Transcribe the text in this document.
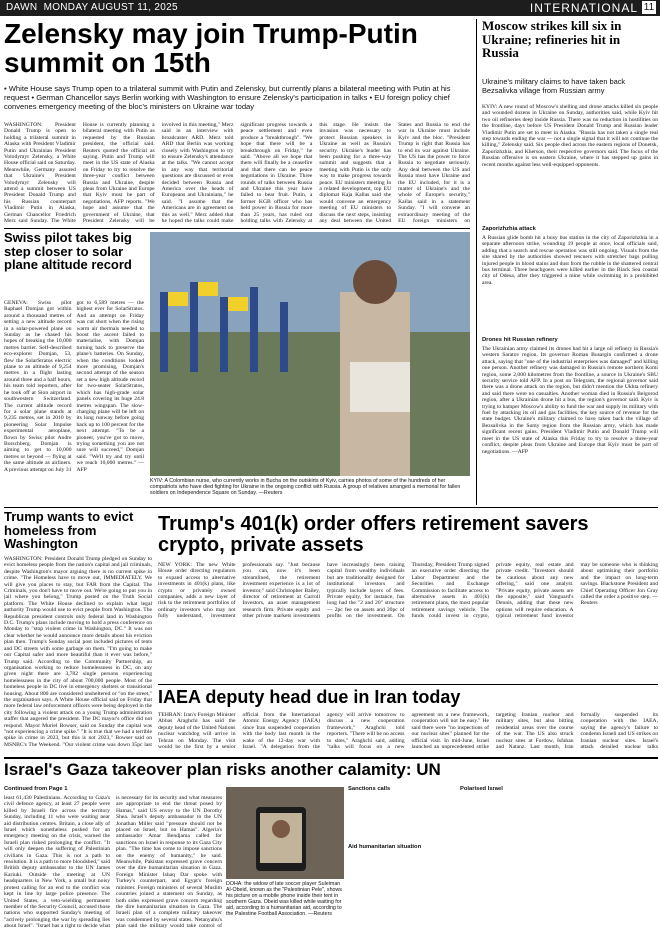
DAWN MONDAY AUGUST 11, 2025	INTERNATIONAL 11
Zelensky may join Trump-Putin summit on 15th
• White House says Trump open to a trilateral summit with Putin and Zelensky, but currently plans a bilateral meeting with Putin at his request • German Chancellor says Berlin working with Washington to ensure Zelensky's participation in talks • EU foreign policy chief convenes emergency meeting of the bloc's ministers on Ukraine war today
WASHINGTON: President Donald Trump is open to holding a trilateral summit in Alaska with President Vladimir Putin and Ukrainian President Volodymyr Zelensky, a White House official said on Saturday. Meanwhile, Germany assured that Ukraine's President Volodymyr Zelensky will attend a summit between US President Donald Trump and his Russian counterpart Vladimir Putin in Alaska, German Chancellor Friedrich Merz said Sunday. The White House is currently planning a bilateral meeting with Putin as requested by the Russian president, the official said. Reuters quoted the official as saying. Putin and Trump will meet in the US state of Alaska on Friday to try to resolve the three-year conflict between Russia and Ukraine, despite pleas from Ukraine and Europe that Kyiv must be part of negotiations, AFP reports. "We hope and assume that the government of Ukraine, that President Zelensky will be involved in this meeting," Merz said in an interview with broadcaster ARD. Merz told ARD that Berlin was working closely with Washington to try to ensure Zelensky's attendance at the talks. "We cannot accept in any way that territorial questions are discussed or even decided between Russia and America over the heads of Europeans and Ukrainians," he said. "I assume that the Americans are in agreement on this as well." Merz added that he hoped the talks could make significant progress towards a peace settlement and even produce a "breakthrough". "We hope that there will be a breakthrough on Friday," he said. "Above all we hope that there will finally be a ceasefire and that there can be peace negotiations in Ukraine. Three rounds of talks between Russia and Ukraine this year have failed to bear fruit. Putin, a former KGB officer who has held power in Russia for more than 25 years, has ruled out holding talks with Zelensky at this stage. He insists the invasion was necessary to protect Russian speakers in Ukraine as well as Russia's security. Ukraine's leader has been pushing for a three-way summit and suggests that a meeting with Putin is the only way to make progress towards peace. EU ministers meeting In a related development, top EU diplomat Kaja Kallas said she would convene an emergency meeting of EU ministers to discuss the next steps, insisting any deal between the United States and Russia to end the war in Ukraine must include Kyiv and the bloc. "President Trump is right that Russia has to end its war against Ukraine. The US has the power to force Russia to negotiate seriously. Any deal between the US and Russia must have Ukraine and the EU included, for it is a matter of Ukraine's and the whole of Europe's security," Kallas said in a statement Sunday. "I will convene an extraordinary meeting of the EU foreign ministers on
Swiss pilot takes big step closer to solar plane altitude record
GENEVA: Swiss pilot Raphael Domjan got within around a thousand metres of setting a new altitude record in a solar-powered plane on Sunday as he chased his hopes of breaking the 10,000 metres barrier. Self-described eco-explorer Domjan, 53, flew the SolarStratos electric plane to an altitude of 9,254 metres in a flight lasting around three and a half hours, his team told reporters, after he took off at Sion airport in southwestern Switzerland. The current altitude record for a solar plane stands at 9,235 metres, set in 2010 by pioneering Solar Impulse experimental aeroplane, flown by Swiss pilot Andre Borschberg. Domjan is aiming to get to 10,000 metres or beyond — flying at the same altitude as airliners. A previous attempt on July 31 got to 6,589 metres — the highest ever for SolarStratos. And an attempt on Friday was cut short when the rising warm air thermals needed to boost the ascent failed to materialise, with Domjan turning back to preserve the plane's batteries. On Sunday, when the conditions looked more promising, Domjan's second attempt of the season set a new high altitude record for two-seater SolarStratos, which has high-grade solar panels covering its huge 24.8 metres wingspan. The slow-charging plane will be left on its long runway before going back up to 100 percent for the next attempt. "To be a pioneer, you've got to move, trying something you are not sure will succeed," Domjan said. "We'll try and try until we reach 10,000 metres." —AFP
KYIV: A Colombian nurse, who currently works in Bucha on the outskirts of Kyiv, carries photos of some of the hundreds of her compatriots who have died fighting for Ukraine in the ongoing conflict with Russia. A group of relatives arranged a memorial for fallen soldiers on Independence Square on Sunday. —Reuters
Trump wants to evict homeless from Washington
WASHINGTON: President Donald Trump pledged on Sunday to evict homeless people from the nation's capital and jail criminals, despite Washington's mayor arguing there is no current spike in crime. "The Homeless have to move out, IMMEDIATELY. We will give you places to stay, but FAR from the Capital. The Criminals, you don't have to move out. We're going to put you in jail where you belong," Trump posted on the Truth Social platform. The White House declined to explain what legal authority Trump would use to evict people from Washington. The Republican president controls only federal land in Washington D.C. Trump's plans include moving to hold a press conference on Monday to "stop violent crime in Washington, DC." It was not clear whether he would announce more details about his eviction plan then. Trump's Sunday social post included pictures of tents and DC streets with some garbage on them. "I'm going to make our Capital safer and more beautiful than it ever was before," Trump said. According to the Community Partnership, an organisation working to reduce homelessness in DC, on any given night there are 3,782 single persons experiencing homelessness in the city of about 700,000 people. Most of the homeless people in DC live in emergency shelters or transitional housing. About 800 are considered unsheltered or "on the street," the organisation says. A White House official said on Friday that more federal law enforcement officers were being deployed in the city following a violent attack on a young Trump administration staffer that angered the president. The DC mayor's office did not respond. Mayor Muriel Bowser, said on Sunday the capital was "not experiencing a crime spike." "It is true that we had a terrible spike in crime in 2023, but this is not 2023," Bowser said on MSNBC's The Weekend. "Our violent crime was down 35pc last
Trump's 401(k) order offers retirement savers crypto, private assets
NEW YORK: The new White House order directing regulators to expand access to alternative investments in 401(k) plans, like crypto or privately owned companies, adds a new layer of risk to the retirement portfolios of ordinary investors who may not fully understand, investment professionals say. "Just because you can, now it's been streamlined, the retirement investment experience is a lot of investor," said Christopher Bailey, director of retirement at Carroll Investors, an asset management research firm. Private equity and other private markets investments have increasingly been raising capital from wealthy individuals but are traditionally designed for institutional investors and typically include layers of fees. Private equity, for instance, has long had the "2 and 20" structure — 2pc fee on assets and 20pc of profits on the investment. On Thursday, President Trump signed an executive order directing the Labor Department and the Securities and Exchange Commission to facilitate access to alternative assets in 401(k) retirement plans, the most popular retirement savings vehicle. The funds could invest in crypto, private equity, real estate and private credit. "Investors should be cautious about any new offering," said one analyst. "Private equity, private assets are the opposite," said Vanguard's Dennis, adding that these new options will require education. A typical retirement fund investor may be someone who is thinking about optimising their portfolio and the impact on long-term savings. Blackstone President and Chief Operating Officer Jon Gray called the order a positive step. —Reuters
IAEA deputy head due in Iran today
TEHRAN: Iran's Foreign Minister Abbas Araghchi has said the deputy head of the United Nations nuclear watchdog will arrive in Tehran on Monday. The visit would be the first by a senior official from the International Atomic Energy Agency (IAEA) since Iran suspended cooperation with the body last month in the wake of the 12-day war with Israel. "A delegation from the agency will arrive tomorrow to discuss a new cooperation framework," Araghchi told reporters. "There will be no access to sites," Araghchi said, adding "talks will focus on a new agreement on a new framework, cooperation will not be easy." He said there were "no inspections of our nuclear sites" planned for the official visit. In mid-June, Israel launched an unprecedented strike targeting Iranian nuclear and military sites, but also hitting residential areas over the course of the war. The US also struck nuclear sites at Fordow, Isfahan and Natanz. Last month, Iran formally suspended its cooperation with the IAEA, saying the agency's failure to condemn Israeli and US strikes on Iranian nuclear sites. Israel's attack derailed nuclear talks
Israel's Gaza takeover plan risks another calamity: UN
Continued from Page 1
least 61,430 Palestinians. According to Gaza's civil defence agency, at least 27 people were killed by Israeli fire across the territory Sunday, including 11 who were waiting near aid distribution centres. Britain, a close ally of Israel which nonetheless pushed for an emergency meeting on the crisis, warned the Israeli plan risked prolonging the conflict. "It will only deepen the suffering of Palestinian civilians in Gaza. This is not a path to resolution. It is a path to more bloodshed," said British deputy ambassador to the UN James Kariuki. Outside the meeting at UN headquarters in New York, a small but noisy protest calling for an end to the conflict was kept in line by large police presence. The United States, a veto-wielding permanent member of the Security Council, accused those nations who supported Sunday's meeting of "actively prolonging the war by spreading lies about Israel". "Israel has a right to decide what is necessary for its security and what measures are appropriate to end the threat posed by Hamas," said US envoy to the UN Dorothy Shea. Israel's deputy ambassador to the UN Jonathan Miller said "pressure should not be placed on Israel, but on Hamas". Algeria's ambassador Amar Bendjama called for sanctions on Israel in response to its Gaza City plan. "The time has come to impose sanctions on the enemy of humanity," he said. Meanwhile, Pakistan expressed grave concern over the dire humanitarian situation in Gaza. Foreign Minister Ishaq Dar spoke with Turkey's counterpart, and Egypt's foreign minister. Foreign ministers of several Muslim countries joined a statement on Sunday, as both sides expressed grave concern regarding the dire humanitarian situation in Gaza. The Israeli plan of a complete military takeover was condemned by several states. Netanyahu's plan said the military would take control of
DOHA: the widow of late soccer player Suleiman Al-Obeid, known as the "Palestinian Pele", shows his picture on a mobile phone inside their tent in southern Gaza. Obeid was killed while waiting for aid, according to a humanitarian aid, according to the Palestine Football Association. —Reuters
Sanctions calls
Aid humanitarian situation
Polarised Israel
Moscow strikes kill six in Ukraine; refineries hit in Russia
Ukraine's military claims to have taken back Bezsalivka village from Russian army
KYIV: A new round of Moscow's shelling and drone attacks killed six people and wounded dozens in Ukraine on Sunday, authorities said, while Kyiv hit two oil refineries deep inside Russia. There was no reduction in hostilities on the frontline, days before US President Donald Trump and Russian leader Vladimir Putin are set to meet in Alaska. "Russia has not taken a single real step towards ending the war — not a single signal that it will not continue the killing," Zelensky said. Six people died across the eastern regions of Donetsk, Zaporizhzhia, and Kherson, their respective governors said. The focus of the Russian offensive is on eastern Ukraine, where it has stepped up gains in recent months against less well-equipped opponents.
Zaporizhzhia attack
A Russian glide bomb hit a busy bus station in the city of Zaporizhzhia in a separate afternoon strike, wounding 19 people at once, local officials said, adding that a search and rescue operation was still ongoing. Visuals from the site shared by the authorities showed rescuers with stretcher bags pulling injured people in blood stains and dust from the rubble in the shattered central bus terminal. Three beachgoers were killed earlier in the Black Sea coastal city of Odesa, after they triggered a mine while swimming in a prohibited area.
Drones hit Russian refinery
The Ukrainian army claimed its drones had hit a large oil refinery in Russia's western Saratov region. Its governor Roman Busargin confirmed a drone attack, saying that "one of the industrial enterprises was damaged" and killing one person. Another refinery was damaged in Russia's remote northern Komi region, some 2,000 kilometres from the frontline, a source in Ukraine's SBU security service told AFP. In a post on Telegram, the regional governor said there was a drone attack on the region, but didn't mention the Ukhta refinery and said there were no casualties. Another woman died in Russia's Belgorod region, after a Ukrainian drone hit a bus, the region's governor said. Kyiv is trying to hamper Moscow's ability to fund the war and supply its military with fuel by attacking its oil and gas facilities, the key source of revenue for the state budget. Ukraine's military claimed to have taken back the village of Bezsalivka in the Sumy region from the Russian army, which has made significant recent gains. President Vladimir Putin and Donald Trump will meet in the US state of Alaska this Friday to try to resolve a three-year conflict, despite pleas from Ukraine and Europe that Kyiv must be part of negotiations. —AFP
